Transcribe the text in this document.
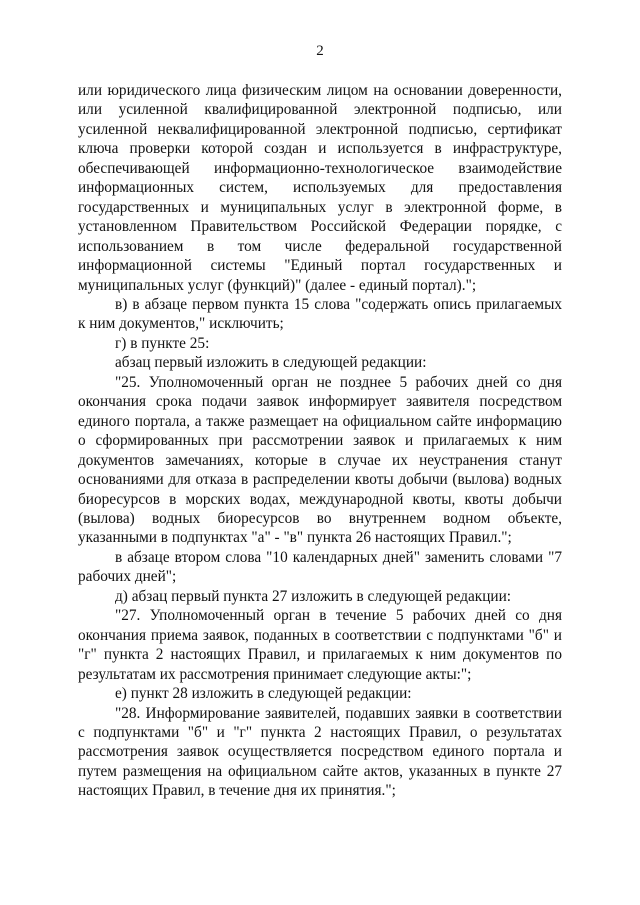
2

или юридического лица физическим лицом на основании доверенности, или усиленной квалифицированной электронной подписью, или усиленной неквалифицированной электронной подписью, сертификат ключа проверки которой создан и используется в инфраструктуре, обеспечивающей информационно-технологическое взаимодействие информационных систем, используемых для предоставления государственных и муниципальных услуг в электронной форме, в установленном Правительством Российской Федерации порядке, с использованием в том числе федеральной государственной информационной системы "Единый портал государственных и муниципальных услуг (функций)" (далее - единый портал).";

в) в абзаце первом пункта 15 слова "содержать опись прилагаемых к ним документов," исключить;

г) в пункте 25:

абзац первый изложить в следующей редакции:

"25. Уполномоченный орган не позднее 5 рабочих дней со дня окончания срока подачи заявок информирует заявителя посредством единого портала, а также размещает на официальном сайте информацию о сформированных при рассмотрении заявок и прилагаемых к ним документов замечаниях, которые в случае их неустранения станут основаниями для отказа в распределении квоты добычи (вылова) водных биоресурсов в морских водах, международной квоты, квоты добычи (вылова) водных биоресурсов во внутреннем водном объекте, указанными в подпунктах "а" - "в" пункта 26 настоящих Правил.";

в абзаце втором слова "10 календарных дней" заменить словами "7 рабочих дней";

д) абзац первый пункта 27 изложить в следующей редакции:

"27. Уполномоченный орган в течение 5 рабочих дней со дня окончания приема заявок, поданных в соответствии с подпунктами "б" и "г" пункта 2 настоящих Правил, и прилагаемых к ним документов по результатам их рассмотрения принимает следующие акты:";

е) пункт 28 изложить в следующей редакции:

"28. Информирование заявителей, подавших заявки в соответствии с подпунктами "б" и "г" пункта 2 настоящих Правил, о результатах рассмотрения заявок осуществляется посредством единого портала и путем размещения на официальном сайте актов, указанных в пункте 27 настоящих Правил, в течение дня их принятия.";
